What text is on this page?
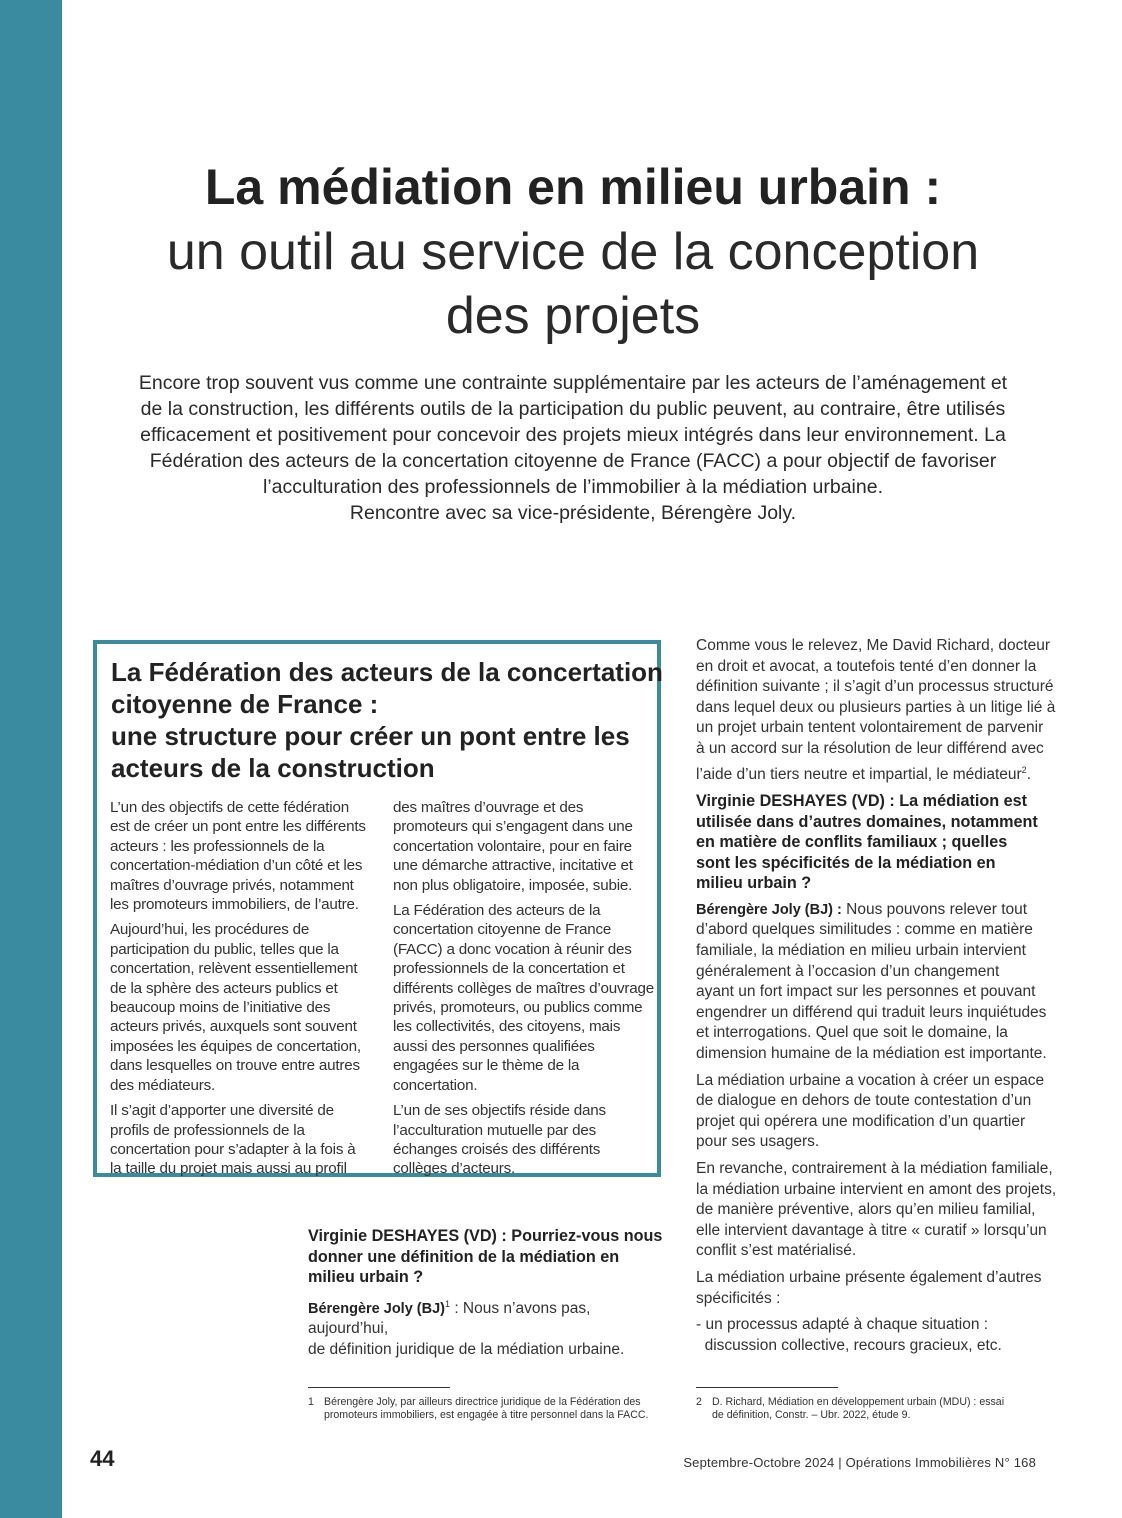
La médiation en milieu urbain :
un outil au service de la conception
des projets
Encore trop souvent vus comme une contrainte supplémentaire par les acteurs de l’aménagement et
de la construction, les différents outils de la participation du public peuvent, au contraire, être utilisés
efficacement et positivement pour concevoir des projets mieux intégrés dans leur environnement. La
Fédération des acteurs de la concertation citoyenne de France (FACC) a pour objectif de favoriser
l’acculturation des professionnels de l’immobilier à la médiation urbaine.
Rencontre avec sa vice-présidente, Bérengère Joly.
La Fédération des acteurs de la concertation
citoyenne de France :
une structure pour créer un pont entre les
acteurs de la construction

L’un des objectifs de cette fédération
est de créer un pont entre les différents
acteurs : les professionnels de la
concertation-médiation d’un côté et les
maîtres d’ouvrage privés, notamment
les promoteurs immobiliers, de l’autre.

Aujourd’hui, les procédures de
participation du public, telles que la
concertation, relèvent essentiellement
de la sphère des acteurs publics et
beaucoup moins de l’initiative des
acteurs privés, auxquels sont souvent
imposées les équipes de concertation,
dans lesquelles on trouve entre autres
des médiateurs.

Il s’agit d’apporter une diversité de
profils de professionnels de la
concertation pour s’adapter à la fois à
la taille du projet mais aussi au profil

des maîtres d’ouvrage et des
promoteurs qui s’engagent dans une
concertation volontaire, pour en faire
une démarche attractive, incitative et
non plus obligatoire, imposée, subie.

La Fédération des acteurs de la
concertation citoyenne de France
(FACC) a donc vocation à réunir des
professionnels de la concertation et
différents collèges de maîtres d’ouvrage
privés, promoteurs, ou publics comme
les collectivités, des citoyens, mais
aussi des personnes qualifiées
engagées sur le thème de la
concertation.

L’un de ses objectifs réside dans
l’acculturation mutuelle par des
échanges croisés des différents
collèges d’acteurs.

Virginie DESHAYES (VD) : Pourriez-vous nous
donner une définition de la médiation en
milieu urbain ?

Bérengère Joly (BJ)$^1$ : Nous n’avons pas, aujourd’hui,
de définition juridique de la médiation urbaine.

Comme vous le relevez, Me David Richard, docteur
en droit et avocat, a toutefois tenté d’en donner la
définition suivante ; il s’agit d’un processus structuré
dans lequel deux ou plusieurs parties à un litige lié à
un projet urbain tentent volontairement de parvenir
à un accord sur la résolution de leur différend avec
l’aide d’un tiers neutre et impartial, le médiateur$^2$.

Virginie DESHAYES (VD) : La médiation est
utilisée dans d’autres domaines, notamment
en matière de conflits familiaux ; quelles
sont les spécificités de la médiation en
milieu urbain ?

Bérengère Joly (BJ) : Nous pouvons relever tout
d’abord quelques similitudes : comme en matière
familiale, la médiation en milieu urbain intervient
généralement à l’occasion d’un changement
ayant un fort impact sur les personnes et pouvant
engendrer un différend qui traduit leurs inquiétudes
et interrogations. Quel que soit le domaine, la
dimension humaine de la médiation est importante.

La médiation urbaine a vocation à créer un espace
de dialogue en dehors de toute contestation d’un
projet qui opérera une modification d’un quartier
pour ses usagers.

En revanche, contrairement à la médiation familiale,
la médiation urbaine intervient en amont des projets,
de manière préventive, alors qu’en milieu familial,
elle intervient davantage à titre « curatif » lorsqu’un
conflit s’est matérialisé.

La médiation urbaine présente également d’autres
spécificités :

- un processus adapté à chaque situation :
discussion collective, recours gracieux, etc.

1 Bérengère Joly, par ailleurs directrice juridique de la Fédération des
promoteurs immobiliers, est engagée à titre personnel dans la FACC.
2 D. Richard, Médiation en développement urbain (MDU) : essai
de définition, Constr. – Ubr. 2022, étude 9.
44	Septembre-Octobre 2024 | Opérations Immobilières N° 168
